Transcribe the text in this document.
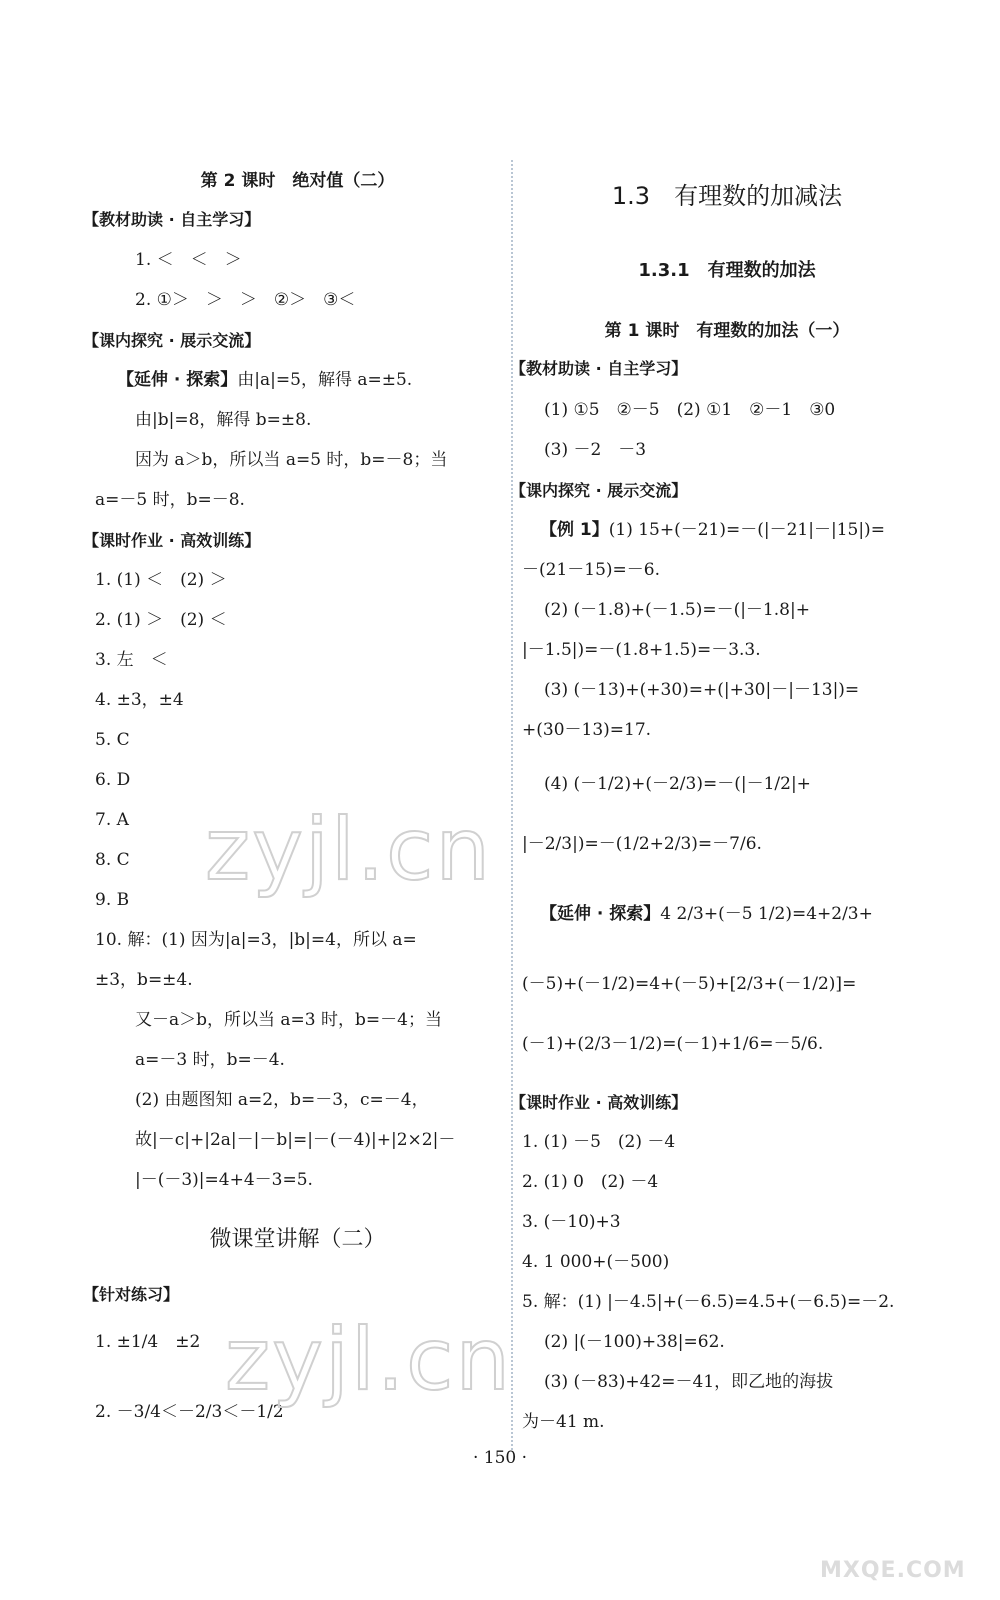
第 2 课时　绝对值（二）
【教材助读 · 自主学习】
1. ＜　＜　＞
2. ①＞　＞　＞　②＞　③＜
【课内探究 · 展示交流】
【延伸 · 探索】由|a|=5，解得 a=±5.
由|b|=8，解得 b=±8.
因为 a＞b，所以当 a=5 时，b=－8；当
a=－5 时，b=－8.
【课时作业 · 高效训练】
1. (1) ＜　(2) ＞
2. (1) ＞　(2) ＜
3. 左　＜
4. ±3，±4
5. C
6. D
7. A
8. C
9. B
10. 解：(1) 因为|a|=3，|b|=4，所以 a=
±3，b=±4.
又－a＞b，所以当 a=3 时，b=－4；当
a=－3 时，b=－4.
(2) 由题图知 a=2，b=－3，c=－4，
故|－c|+|2a|－|－b|=|－(－4)|+|2×2|－
|－(－3)|=4+4－3=5.
微课堂讲解（二）
【针对练习】
1. ±1/4　±2
2. －3/4＜－2/3＜－1/2
1.3　有理数的加减法
1.3.1　有理数的加法
第 1 课时　有理数的加法（一）
【教材助读 · 自主学习】
(1) ①5　②－5　(2) ①1　②－1　③0
(3) －2　－3
【课内探究 · 展示交流】
【例 1】(1) 15+(－21)=－(|－21|－|15|)=
－(21－15)=－6.
(2) (－1.8)+(－1.5)=－(|－1.8|+
|－1.5|)=－(1.8+1.5)=－3.3.
(3) (－13)+(+30)=+(|+30|－|－13|)=
+(30－13)=17.
(4) (－1/2)+(－2/3)=－(|－1/2|+
|－2/3|)=－(1/2+2/3)=－7/6.
【延伸 · 探索】4 2/3+(－5 1/2)=4+2/3+
(－5)+(－1/2)=4+(－5)+[2/3+(－1/2)]=
(－1)+(2/3－1/2)=(－1)+1/6=－5/6.
【课时作业 · 高效训练】
1. (1) －5　(2) －4
2. (1) 0　(2) －4
3. (－10)+3
4. 1 000+(－500)
5. 解：(1) |－4.5|+(－6.5)=4.5+(－6.5)=－2.
(2) |(－100)+38|=62.
(3) (－83)+42=－41，即乙地的海拔
为－41 m.
· 150 ·
zyjl.cn
zyjl.cn
MXQE.COM
